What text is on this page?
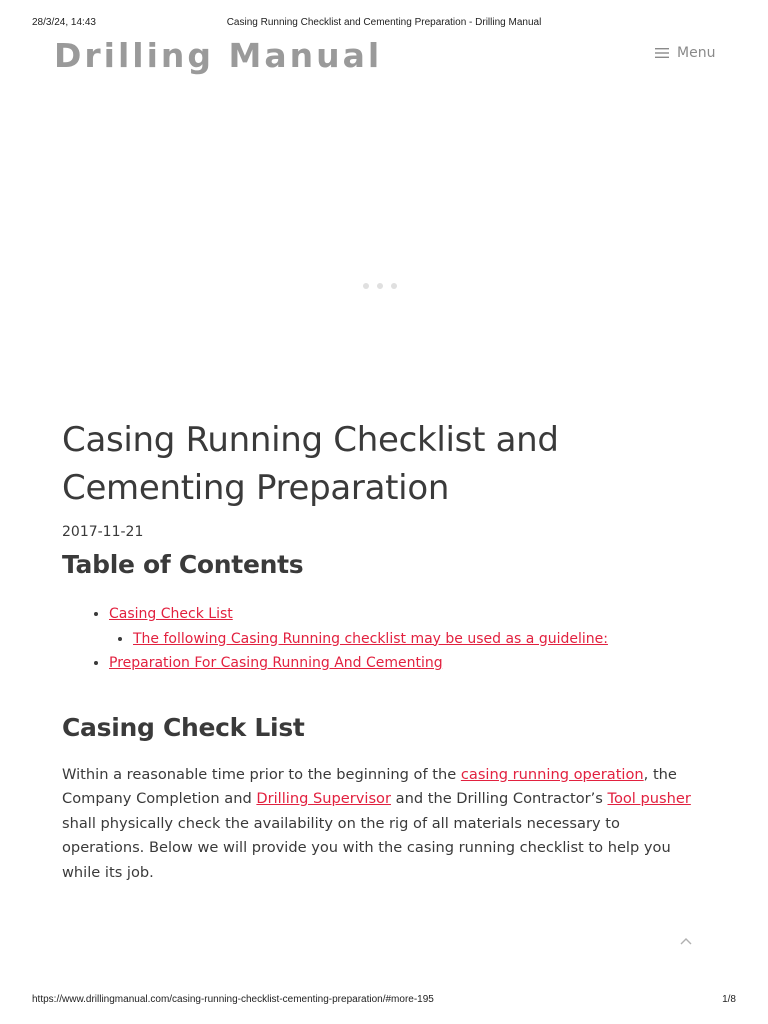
28/3/24, 14:43	Casing Running Checklist and Cementing Preparation - Drilling Manual
Drilling Manual	Menu
Casing Running Checklist and
Cementing Preparation
2017-11-21
Table of Contents
• Casing Check List
• The following Casing Running checklist may be used as a guideline:
• Preparation For Casing Running And Cementing
Casing Check List

Within a reasonable time prior to the beginning of the casing running operation, the Company Completion and Drilling Supervisor and the Drilling Contractor’s Tool pusher shall physically check the availability on the rig of all materials necessary to operations. Below we will provide you with the casing running checklist to help you while its job.

https://www.drillingmanual.com/casing-running-checklist-cementing-preparation/#more-195	1/8
